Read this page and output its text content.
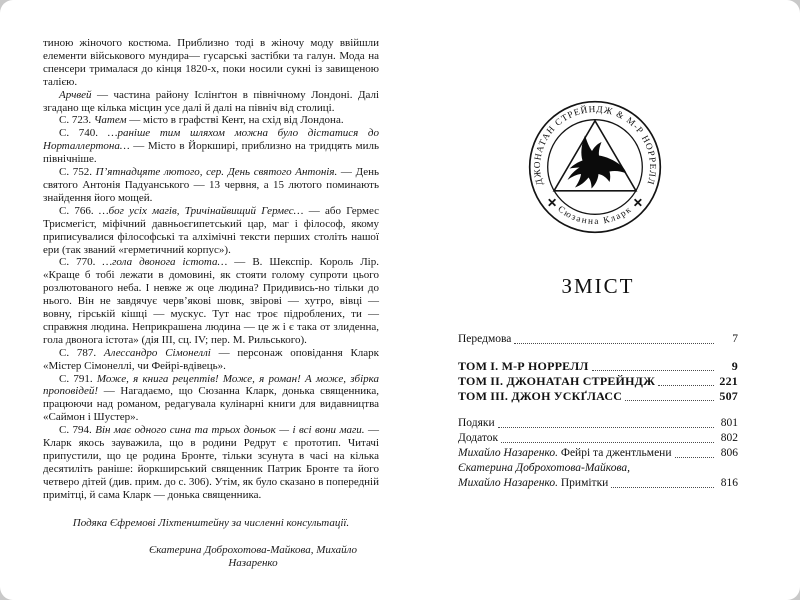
тиною жіночого костюма. Приблизно тоді в жіночу моду ввійшли елементи військового мундира— гусарські застібки та галун. Мода на спенсери трималася до кінця 1820-х, поки носили сукні із завищеною талією.

Арчвей — частина району Іслінґтон в північному Лондоні. Далі згадано ще кілька місцин усе далі й далі на північ від столиці.

С. 723. Чатем — місто в графстві Кент, на схід від Лондона.

С. 740. …раніше тим шляхом можна було дістатися до Норталлертона… — Місто в Йоркширі, приблизно на тридцять миль північніше.

С. 752. П’ятнадцяте лютого, сер. День святого Антонія. — День святого Антонія Падуанського — 13 червня, а 15 лютого поминають знайдення його мощей.

С. 766. …бог усіх магів, Тричінайвищий Гермес… — або Гермес Трисмегіст, міфічний давньоєгипетський цар, маг і філософ, якому приписувалися філософські та алхімічні тексти перших століть нашої ери (так званий «герметичний корпус»).

С. 770. …гола двонога істота… — В. Шекспір. Король Лір. «Краще б тобі лежати в домовині, як стояти голому супроти цього розлютованого неба. І невже ж оце людина? Придивись-но тільки до нього. Він не завдячує черв’якові шовк, звірові — хутро, вівці — вовну, гірській кішці — мускус. Тут нас троє підроблених, ти — справжня людина. Неприкрашена людина — це ж і є така от злиденна, гола двонога істота» (дія III, сц. IV; пер. М. Рильського).

С. 787. Алессандро Сімонеллі — персонаж оповідання Кларк «Містер Сімонеллі, чи Фейрі-вдівець».

С. 791. Може, я книга рецептів! Може, я роман! А може, збірка проповідей! — Нагадаємо, що Сюзанна Кларк, донька священника, працюючи над романом, редагувала кулінарні книги для видавництва «Саймон і Шустер».

С. 794. Він має одного сина та трьох доньок — і всі вони маги. — Кларк якось зауважила, що в родини Редрут є прототип. Читачі припустили, що це родина Бронте, тільки зсунута в часі на кілька десятиліть раніше: йоркширський священник Патрик Бронте та його четверо дітей (див. прим. до с. 306). Утім, як було сказано в попередній примітці, й сама Кларк — донька священника.

Подяка Єфремові Ліхтенштейну за численні консультації.
Єкатерина Доброхотова-Майкова, Михайло Назаренко
ДЖОНАТАН СТРЕЙНДЖ & М-Р НОРРЕЛЛ
Сюзанна Кларк
ЗМІСТ
Передмова	7
ТОМ I. М-Р НОРРЕЛЛ	9
ТОМ II. ДЖОНАТАН СТРЕЙНДЖ	221
ТОМ III. ДЖОН УСКҐЛАСС	507
Подяки	801
Додаток	802
Михайло Назаренко. Фейрі та джентльмени	806
Єкатерина Доброхотова-Майкова,
Михайло Назаренко. Примітки	816
